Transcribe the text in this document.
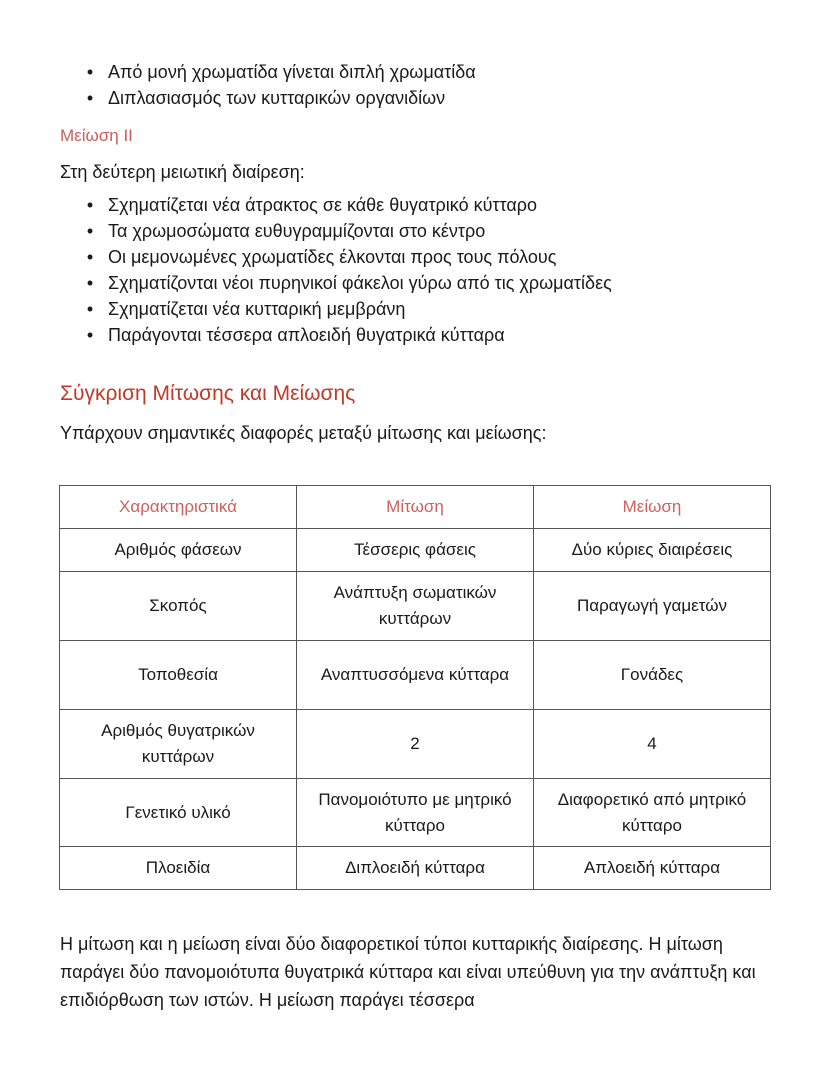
• Από μονή χρωματίδα γίνεται διπλή χρωματίδα
• Διπλασιασμός των κυτταρικών οργανιδίων
Μείωση ΙΙ
Στη δεύτερη μειωτική διαίρεση:
• Σχηματίζεται νέα άτρακτος σε κάθε θυγατρικό κύτταρο
• Τα χρωμοσώματα ευθυγραμμίζονται στο κέντρο
• Οι μεμονωμένες χρωματίδες έλκονται προς τους πόλους
• Σχηματίζονται νέοι πυρηνικοί φάκελοι γύρω από τις χρωματίδες
• Σχηματίζεται νέα κυτταρική μεμβράνη
• Παράγονται τέσσερα απλοειδή θυγατρικά κύτταρα
Σύγκριση Μίτωσης και Μείωσης
Υπάρχουν σημαντικές διαφορές μεταξύ μίτωσης και μείωσης:
Χαρακτηριστικά	Μίτωση	Μείωση
Αριθμός φάσεων	Τέσσερις φάσεις	Δύο κύριες διαιρέσεις
Σκοπός	Ανάπτυξη σωματικών κυττάρων	Παραγωγή γαμετών
Τοποθεσία	Αναπτυσσόμενα κύτταρα	Γονάδες
Αριθμός θυγατρικών κυττάρων	2	4
Γενετικό υλικό	Πανομοιότυπο με μητρικό κύτταρο	Διαφορετικό από μητρικό κύτταρο
Πλοειδία	Διπλοειδή κύτταρα	Απλοειδή κύτταρα
Η μίτωση και η μείωση είναι δύο διαφορετικοί τύποι κυτταρικής διαίρεσης. Η μίτωση παράγει δύο πανομοιότυπα θυγατρικά κύτταρα και είναι υπεύθυνη για την ανάπτυξη και επιδιόρθωση των ιστών. Η μείωση παράγει τέσσερα
